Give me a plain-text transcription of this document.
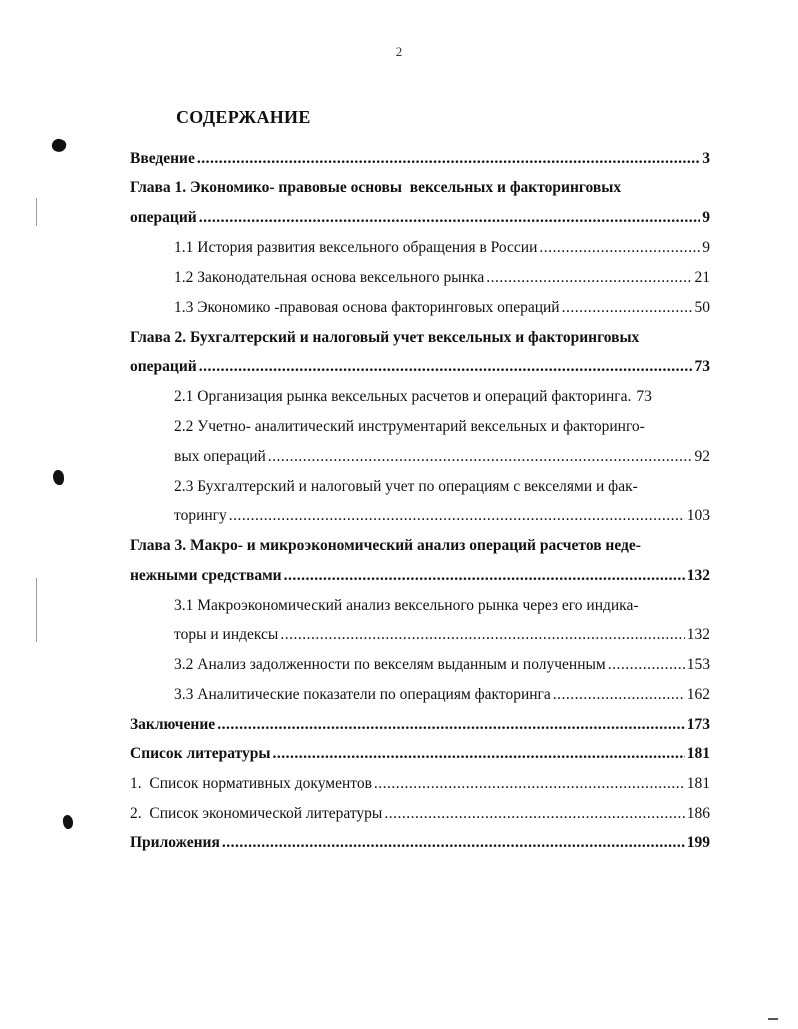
2
СОДЕРЖАНИЕ
Введение .....	3
Глава 1. Экономико- правовые основы  вексельных и факторинговых
операций .....	9
1.1 История развития вексельного обращения в России .....	9
1.2 Законодательная основа вексельного рынка .....	21
1.3 Экономико -правовая основа факторинговых операций .....	50
Глава 2. Бухгалтерский и налоговый учет вексельных и факторинговых
операций .....	73
2.1 Организация рынка вексельных расчетов и операций факторинга. 73
2.2 Учетно- аналитический инструментарий вексельных и факторинго-
вых операций .....	92
2.3 Бухгалтерский и налоговый учет по операциям с векселями и фак-
торингу .....	103
Глава 3. Макро- и микроэкономический анализ операций расчетов неде-
нежными средствами .....	132
3.1 Макроэкономический анализ вексельного рынка через его индика-
торы и индексы .....	132
3.2 Анализ задолженности по векселям выданным и полученным .....	153
3.3 Аналитические показатели по операциям факторинга .....	162
Заключение .....	173
Список литературы .....	181
1.  Список нормативных документов .....	181
2.  Список экономической литературы .....	186
Приложения .....	199
